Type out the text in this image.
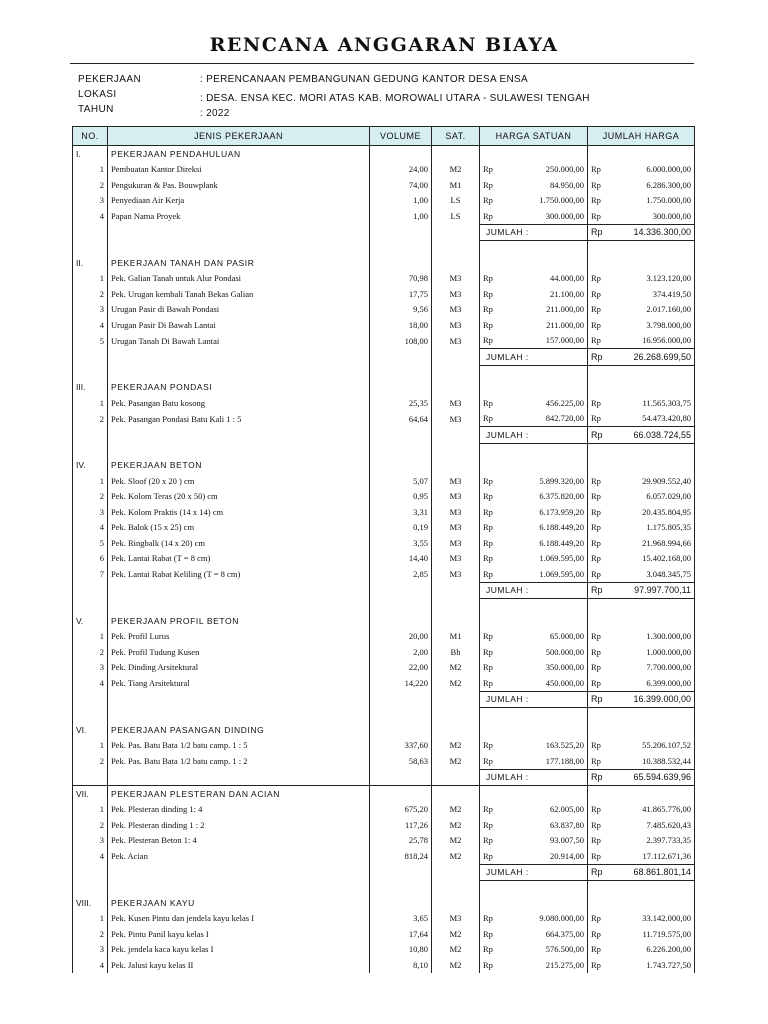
RENCANA ANGGARAN BIAYA
PEKERJAAN	: PERENCANAAN PEMBANGUNAN GEDUNG KANTOR DESA ENSA
LOKASI	: DESA. ENSA KEC. MORI ATAS KAB. MOROWALI UTARA - SULAWESI TENGAH
TAHUN	: 2022
NO.	JENIS PEKERJAAN	VOLUME	SAT.	HARGA SATUAN	JUMLAH HARGA
I.	PEKERJAAN PENDAHULUAN				
1	Pembuatan Kantor Direksi	24,00	M2	Rp 250.000,00	Rp 6.000.000,00

2	Pengukuran & Pas. Bouwplank	74,00	M1	Rp 84.950,00	Rp 6.286.300,00

3	Penyediaan Air Kerja	1,00	LS	Rp 1.750.000,00	Rp 1.750.000,00

4	Papan Nama Proyek	1,00	LS	Rp 300.000,00	Rp 300.000,00

				JUMLAH :	Rp 14.336.300,00

II.	PEKERJAAN TANAH DAN PASIR				
1	Pek. Galian Tanah untuk Alur Pondasi	70,98	M3	Rp 44.000,00	Rp 3.123.120,00

2	Pek. Urugan kembali Tanah Bekas Galian	17,75	M3	Rp 21.100,00	Rp 374.419,50

3	Urugan Pasir di Bawah Pondasi	9,56	M3	Rp 211.000,00	Rp 2.017.160,00

4	Urugan Pasir Di Bawah Lantai	18,00	M3	Rp 211.000,00	Rp 3.798.000,00

5	Urugan Tanah Di Bawah Lantai	108,00	M3	Rp 157.000,00	Rp 16.956.000,00

				JUMLAH :	Rp 26.268.699,50

III.	PEKERJAAN PONDASI				
1	Pek. Pasangan Batu kosong	25,35	M3	Rp 456.225,00	Rp 11.565.303,75

2	Pek. Pasangan Pondasi Batu Kali 1 : 5	64,64	M3	Rp 842.720,00	Rp 54.473.420,80

				JUMLAH :	Rp 66.038.724,55

IV.	PEKERJAAN BETON				
1	Pek. Sloof (20 x 20 ) cm	5,07	M3	Rp 5.899.320,00	Rp 29.909.552,40

2	Pek. Kolom Teras (20 x 50) cm	0,95	M3	Rp 6.375.820,00	Rp 6.057.029,00

3	Pek. Kolom Praktis (14 x 14) cm	3,31	M3	Rp 6.173.959,20	Rp 20.435.804,95

4	Pek. Balok (15 x 25) cm	0,19	M3	Rp 6.188.449,20	Rp 1.175.805,35

5	Pek. Ringbalk (14 x 20) cm	3,55	M3	Rp 6.188.449,20	Rp 21.968.994,66

6	Pek. Lantai Rabat (T = 8 cm)	14,40	M3	Rp 1.069.595,00	Rp 15.402.168,00

7	Pek. Lantai Rabat Keliling (T = 8 cm)	2,85	M3	Rp 1.069.595,00	Rp 3.048.345,75

				JUMLAH :	Rp 97.997.700,11

V.	PEKERJAAN PROFIL BETON				
1	Pek. Profil Lurus	20,00	M1	Rp 65.000,00	Rp 1.300.000,00

2	Pek. Profil Tudung Kusen	2,00	Bh	Rp 500.000,00	Rp 1.000.000,00

3	Pek. Dinding Arsitektural	22,00	M2	Rp 350.000,00	Rp 7.700.000,00

4	Pek. Tiang Arsitektural	14,220	M2	Rp 450.000,00	Rp 6.399.000,00

				JUMLAH :	Rp 16.399.000,00

VI.	PEKERJAAN PASANGAN DINDING				
1	Pek. Pas. Batu Bata 1/2 batu camp. 1 : 5	337,60	M2	Rp 163.525,20	Rp 55.206.107,52

2	Pek. Pas. Batu Bata 1/2 batu camp. 1 : 2	58,63	M2	Rp 177.188,00	Rp 10.388.532,44

				JUMLAH :	Rp 65.594.639,96

VII.	PEKERJAAN PLESTERAN DAN ACIAN				
1	Pek. Plesteran dinding 1: 4	675,20	M2	Rp 62.005,00	Rp 41.865.776,00

2	Pek. Plesteran dinding 1 : 2	117,26	M2	Rp 63.837,80	Rp 7.485.620,43

3	Pek. Plesteran Beton 1: 4	25,78	M2	Rp 93.007,50	Rp 2.397.733,35

4	Pek. Acian	818,24	M2	Rp 20.914,00	Rp 17.112.671,36

				JUMLAH :	Rp 68.861.801,14

VIII.	PEKERJAAN KAYU				
1	Pek. Kusen Pintu dan jendela kayu kelas I	3,65	M3	Rp 9.080.000,00	Rp 33.142.000,00

2	Pek. Pintu Panil kayu kelas I	17,64	M2	Rp 664.375,00	Rp 11.719.575,00

3	Pek. jendela kaca kayu kelas I	10,80	M2	Rp 576.500,00	Rp 6.226.200,00

4	Pek. Jalusi kayu kelas II	8,10	M2	Rp 215.275,00	Rp 1.743.727,50
